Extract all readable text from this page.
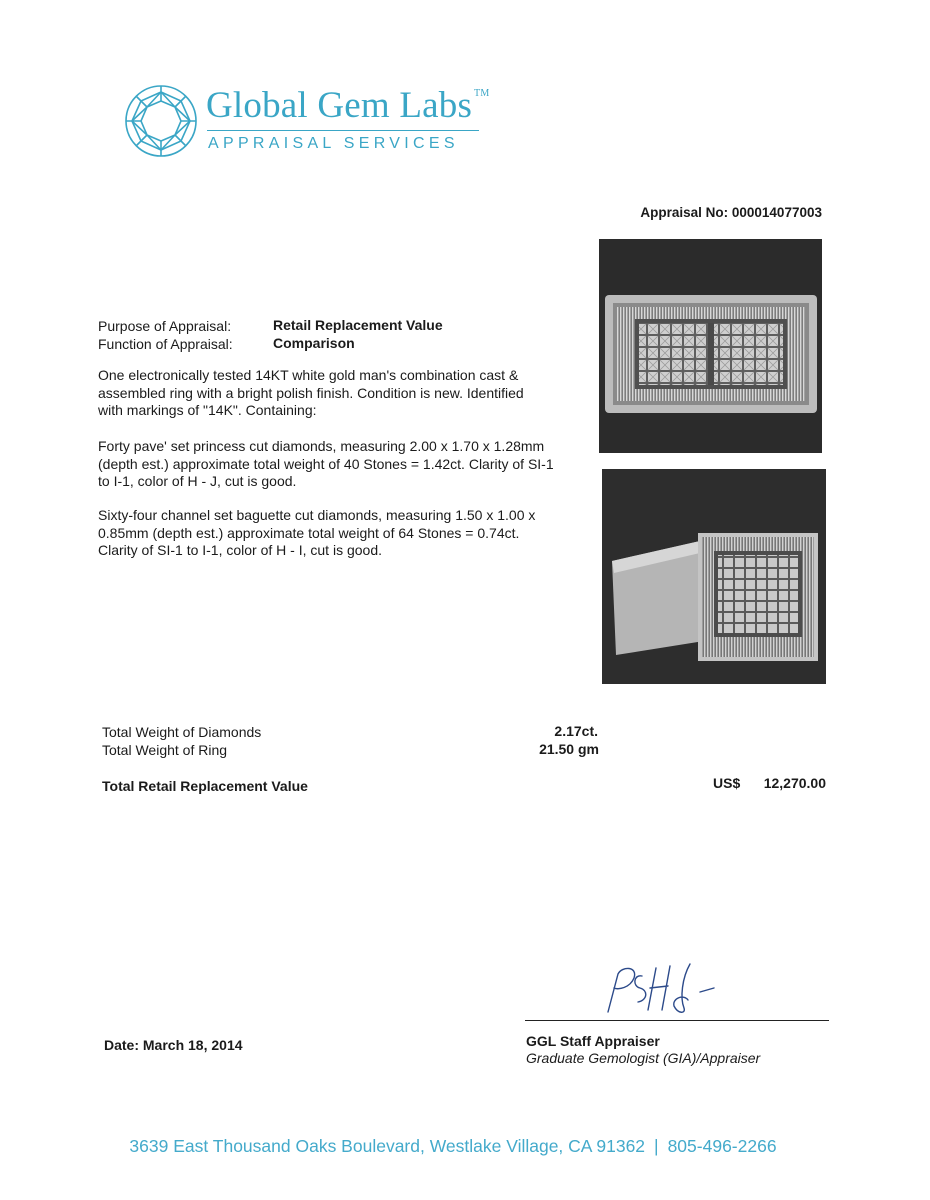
Global Gem Labs ™
APPRAISAL SERVICES
Appraisal No: 000014077003
Purpose of Appraisal:	Retail Replacement Value
Function of Appraisal:	Comparison
One electronically tested 14KT white gold man's combination cast & assembled ring with a bright polish finish. Condition is new. Identified with markings of "14K". Containing:
Forty pave' set princess cut diamonds, measuring 2.00 x 1.70 x 1.28mm (depth est.) approximate total weight of 40 Stones = 1.42ct. Clarity of SI-1 to I-1, color of H - J, cut is good.
Sixty-four channel set baguette cut diamonds, measuring 1.50 x 1.00 x 0.85mm (depth est.) approximate total weight of 64 Stones = 0.74ct. Clarity of SI-1 to I-1, color of H - I, cut is good.
Total Weight of Diamonds	2.17ct.
Total Weight of Ring	21.50 gm
Total Retail Replacement Value	US$ 12,270.00
Date: March 18, 2014	GGL Staff Appraiser
Graduate Gemologist (GIA)/Appraiser
3639 East Thousand Oaks Boulevard, Westlake Village, CA 91362 | 805-496-2266
